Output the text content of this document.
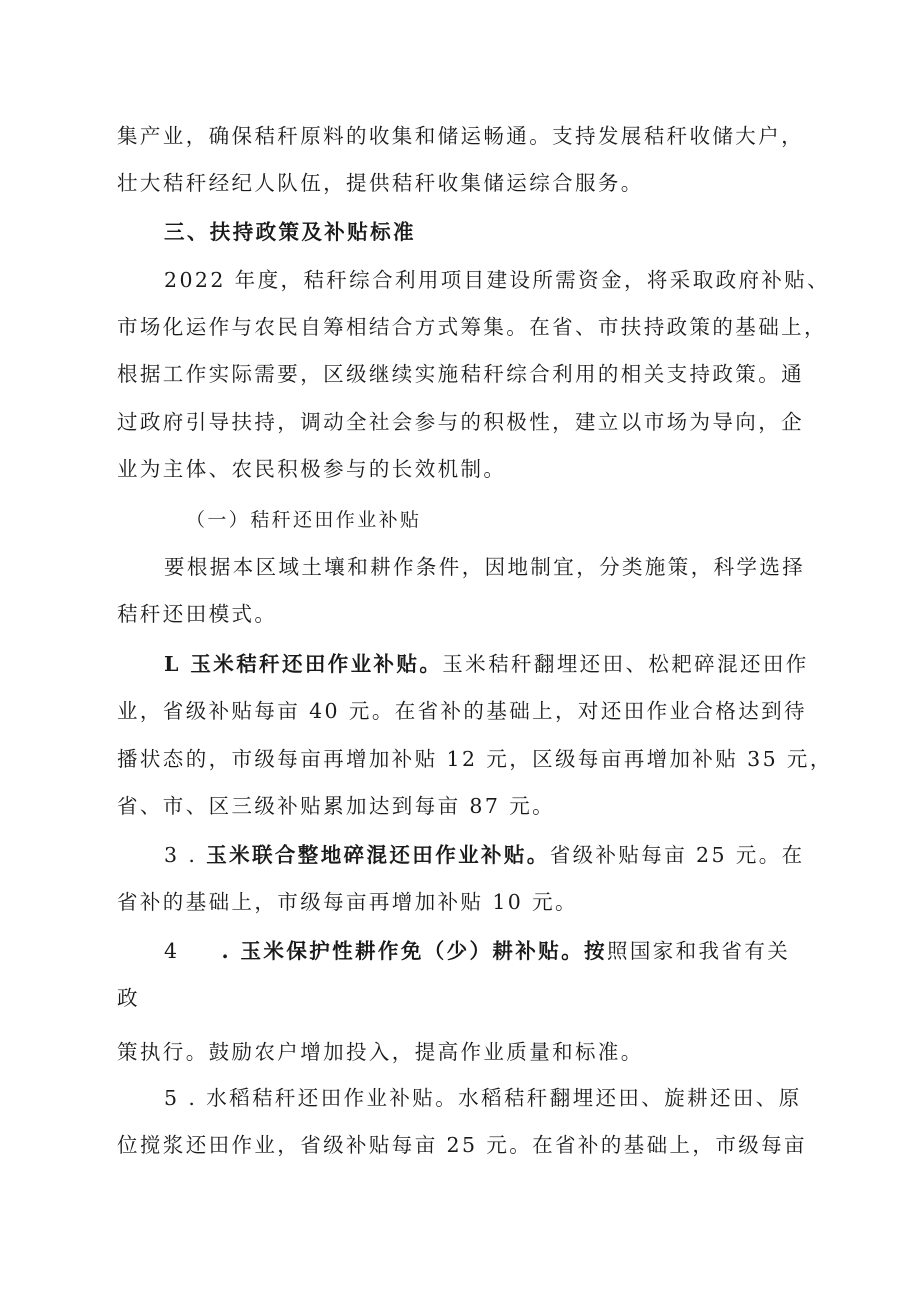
集产业，确保秸秆原料的收集和储运畅通。支持发展秸秆收储大户，
壮大秸秆经纪人队伍，提供秸秆收集储运综合服务。
三、扶持政策及补贴标准
2022 年度，秸秆综合利用项目建设所需资金，将采取政府补贴、
市场化运作与农民自筹相结合方式筹集。在省、市扶持政策的基础上，
根据工作实际需要，区级继续实施秸秆综合利用的相关支持政策。通
过政府引导扶持，调动全社会参与的积极性，建立以市场为导向，企
业为主体、农民积极参与的长效机制。
（一）秸秆还田作业补贴
要根据本区域土壤和耕作条件，因地制宜，分类施策，科学选择
秸秆还田模式。
L 玉米秸秆还田作业补贴。玉米秸秆翻埋还田、松耙碎混还田作
业，省级补贴每亩 40 元。在省补的基础上，对还田作业合格达到待
播状态的，市级每亩再增加补贴 12 元，区级每亩再增加补贴 35 元，
省、市、区三级补贴累加达到每亩 87 元。
3 . 玉米联合整地碎混还田作业补贴。省级补贴每亩 25 元。在
省补的基础上，市级每亩再增加补贴 10 元。
4 . 玉米保护性耕作免（少）耕补贴。按照国家和我省有关
政
策执行。鼓励农户增加投入，提高作业质量和标准。
5 . 水稻秸秆还田作业补贴。水稻秸秆翻埋还田、旋耕还田、原
位搅浆还田作业，省级补贴每亩 25 元。在省补的基础上，市级每亩
